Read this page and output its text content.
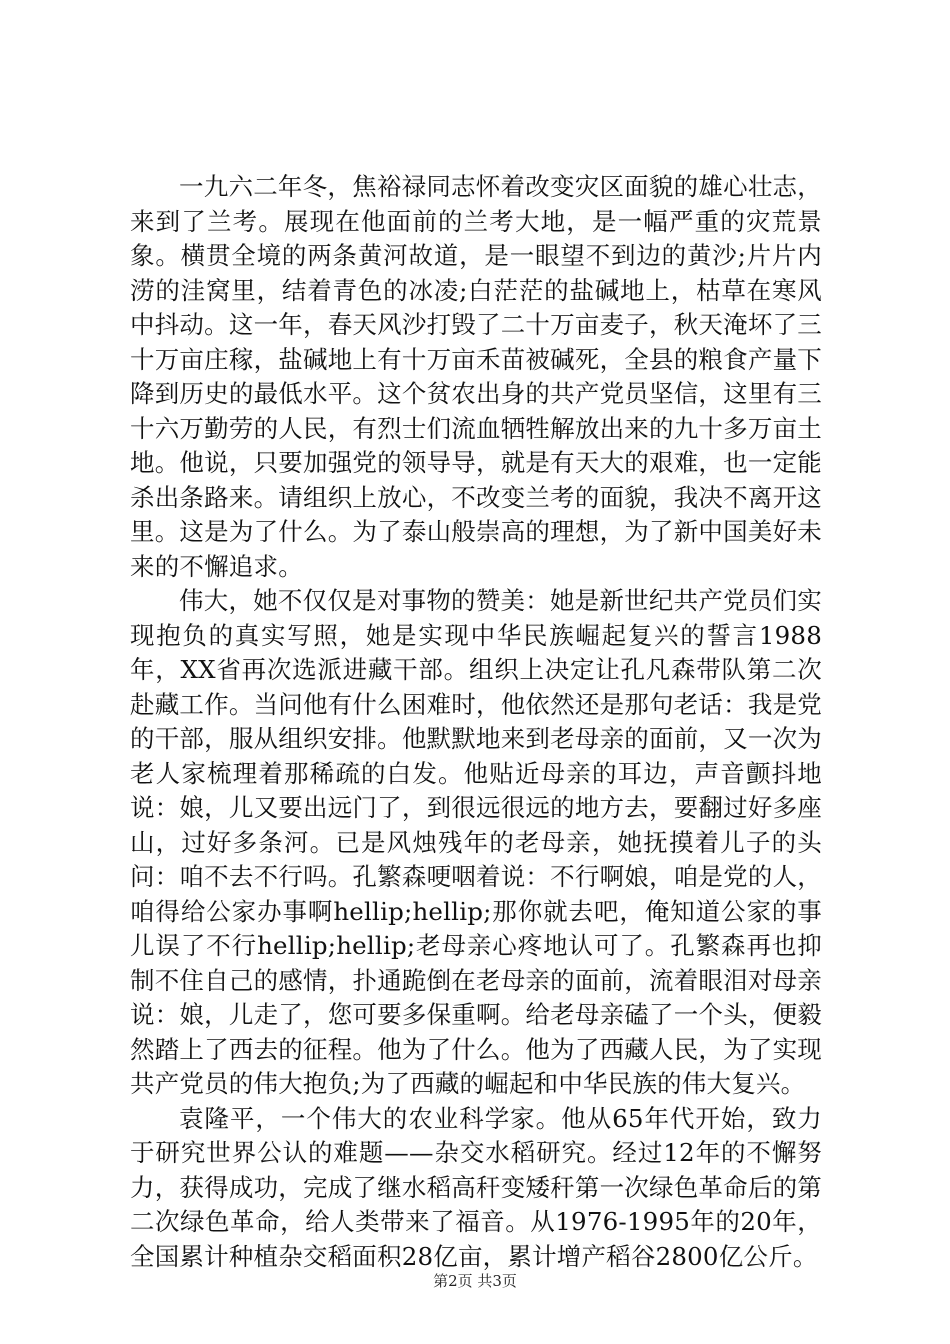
一九六二年冬，焦裕禄同志怀着改变灾区面貌的雄心壮志，来到了兰考。展现在他面前的兰考大地，是一幅严重的灾荒景象。横贯全境的两条黄河故道，是一眼望不到边的黄沙;片片内涝的洼窝里，结着青色的冰凌;白茫茫的盐碱地上，枯草在寒风中抖动。这一年，春天风沙打毁了二十万亩麦子，秋天淹坏了三十万亩庄稼，盐碱地上有十万亩禾苗被碱死，全县的粮食产量下降到历史的最低水平。这个贫农出身的共产党员坚信，这里有三十六万勤劳的人民，有烈士们流血牺牲解放出来的九十多万亩土地。他说，只要加强党的领导导，就是有天大的艰难，也一定能杀出条路来。请组织上放心，不改变兰考的面貌，我决不离开这里。这是为了什么。为了泰山般崇高的理想，为了新中国美好未来的不懈追求。

伟大，她不仅仅是对事物的赞美：她是新世纪共产党员们实现抱负的真实写照，她是实现中华民族崛起复兴的誓言1988年，XX省再次选派进藏干部。组织上决定让孔凡森带队第二次赴藏工作。当问他有什么困难时，他依然还是那句老话：我是党的干部，服从组织安排。他默默地来到老母亲的面前，又一次为老人家梳理着那稀疏的白发。他贴近母亲的耳边，声音颤抖地说：娘，儿又要出远门了，到很远很远的地方去，要翻过好多座山，过好多条河。已是风烛残年的老母亲，她抚摸着儿子的头问：咱不去不行吗。孔繁森哽咽着说：不行啊娘，咱是党的人，咱得给公家办事啊hellip;hellip;那你就去吧，俺知道公家的事儿误了不行hellip;hellip;老母亲心疼地认可了。孔繁森再也抑制不住自己的感情，扑通跪倒在老母亲的面前，流着眼泪对母亲说：娘，儿走了，您可要多保重啊。给老母亲磕了一个头，便毅然踏上了西去的征程。他为了什么。他为了西藏人民，为了实现共产党员的伟大抱负;为了西藏的崛起和中华民族的伟大复兴。

袁隆平，一个伟大的农业科学家。他从65年代开始，致力于研究世界公认的难题——杂交水稻研究。经过12年的不懈努力，获得成功，完成了继水稻高秆变矮秆第一次绿色革命后的第二次绿色革命，给人类带来了福音。从1976-1995年的20年，全国累计种植杂交稻面积28亿亩，累计增产稻谷2800亿公斤。

第2页 共3页
